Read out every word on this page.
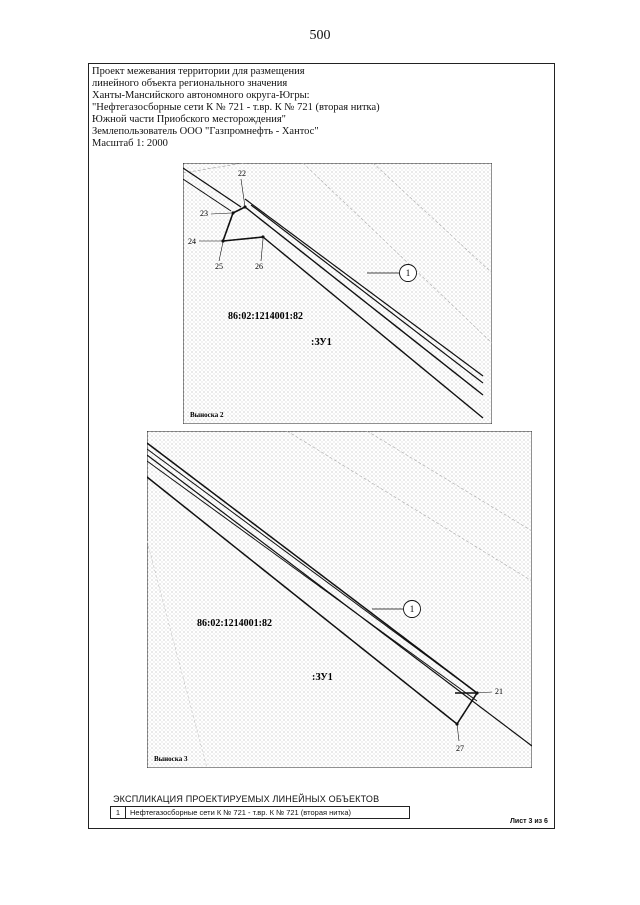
500
Проект межевания территории для размещения
линейного объекта регионального значения
Ханты-Мансийского автономного округа-Югры:
"Нефтегазосборные сети К № 721 - т.вр. К № 721 (вторая нитка)
Южной части Приобского месторождения"
Землепользователь ООО "Газпромнефть - Хантос"
Масштаб 1: 2000
22
23
24
25	26
1
86:02:1214001:82
:ЗУ1
Выноска 2
21
27
1
86:02:1214001:82
:ЗУ1
Выноска 3
ЭКСПЛИКАЦИЯ ПРОЕКТИРУЕМЫХ ЛИНЕЙНЫХ ОБЪЕКТОВ
1	Нефтегазосборные сети К № 721 - т.вр. К № 721 (вторая нитка)
Лист 3 из 6
